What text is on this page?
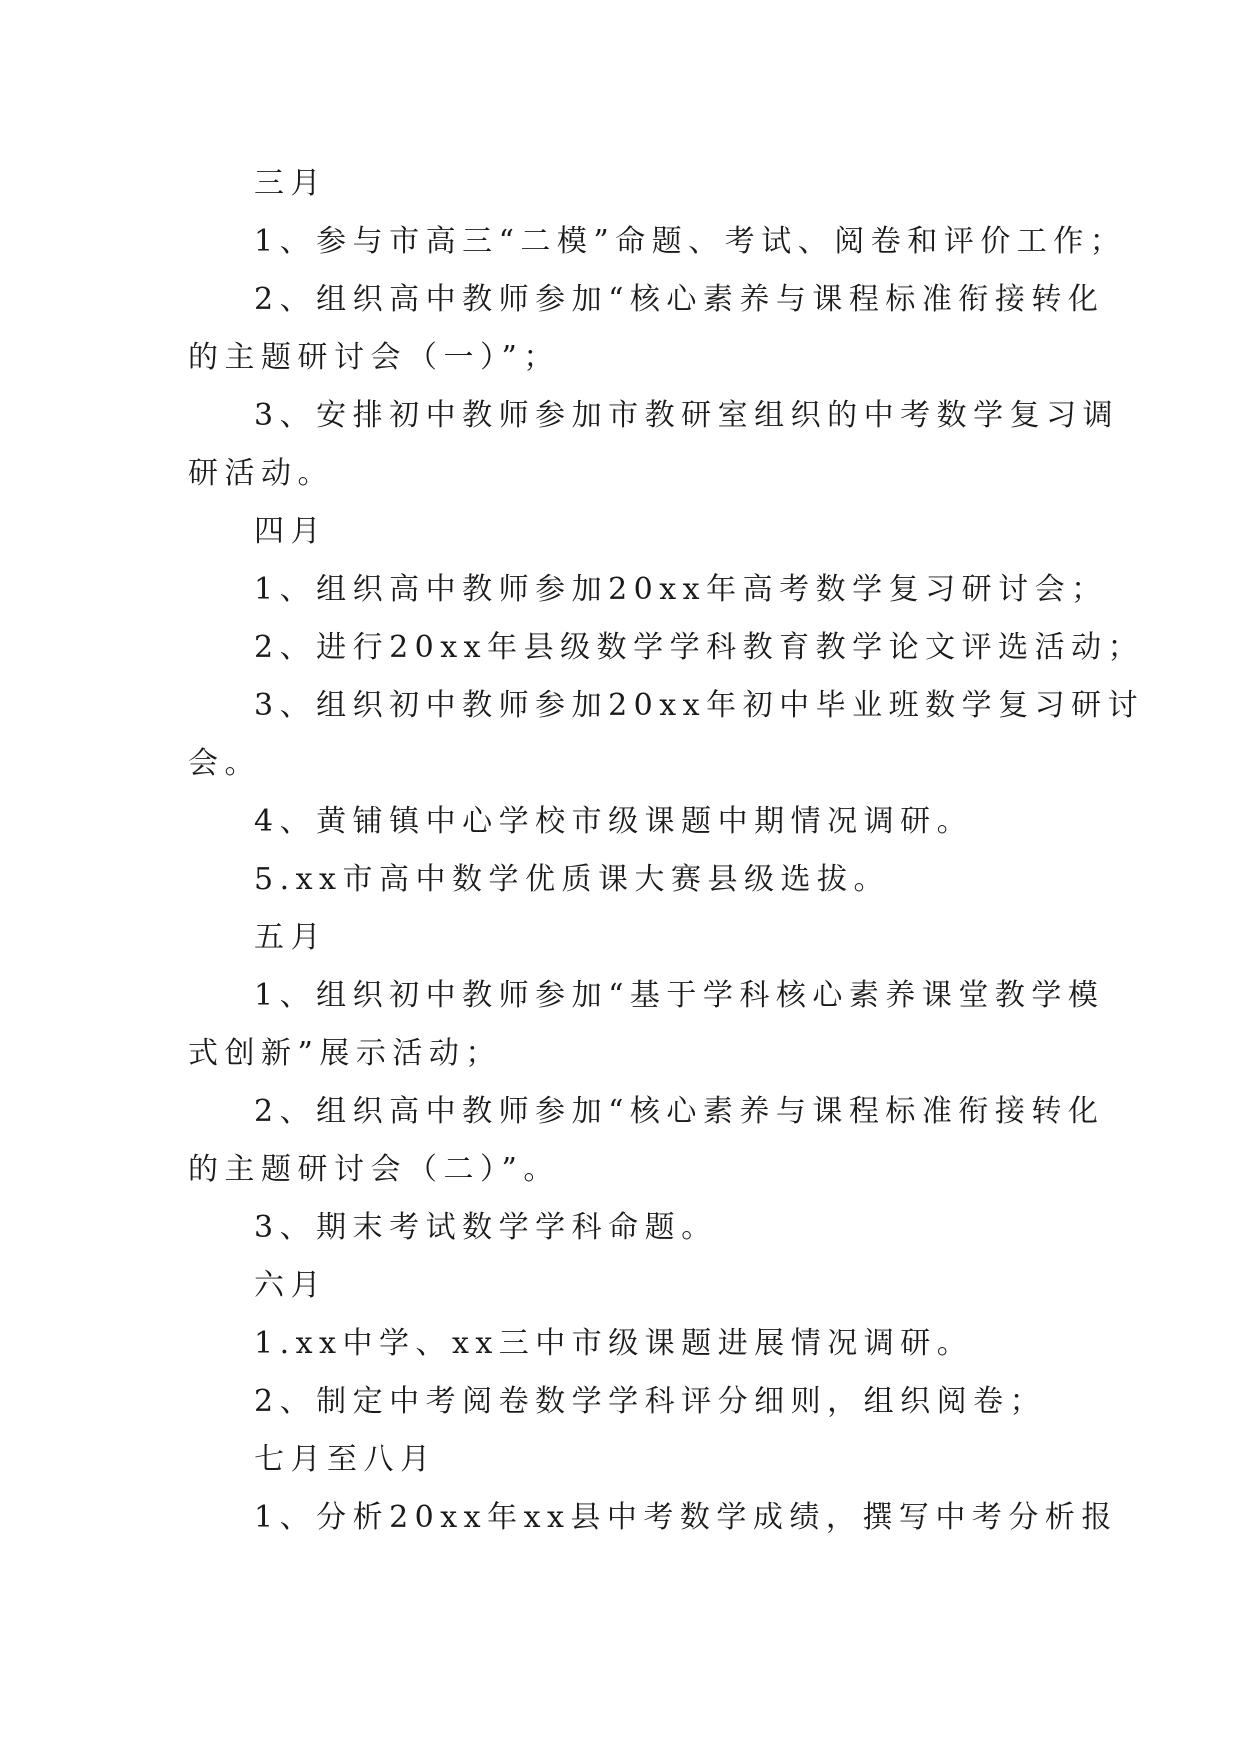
三月
1、参与市高三“二模”命题、考试、阅卷和评价工作；
2、组织高中教师参加“核心素养与课程标准衔接转化
的主题研讨会（一）”；
3、安排初中教师参加市教研室组织的中考数学复习调
研活动。
四月
1、组织高中教师参加20xx年高考数学复习研讨会；
2、进行20xx年县级数学学科教育教学论文评选活动；
3、组织初中教师参加20xx年初中毕业班数学复习研讨
会。
4、黄铺镇中心学校市级课题中期情况调研。
5.xx市高中数学优质课大赛县级选拔。
五月
1、组织初中教师参加“基于学科核心素养课堂教学模
式创新”展示活动；
2、组织高中教师参加“核心素养与课程标准衔接转化
的主题研讨会（二）”。
3、期末考试数学学科命题。
六月
1.xx中学、xx三中市级课题进展情况调研。
2、制定中考阅卷数学学科评分细则，组织阅卷；
七月至八月
1、分析20xx年xx县中考数学成绩，撰写中考分析报
